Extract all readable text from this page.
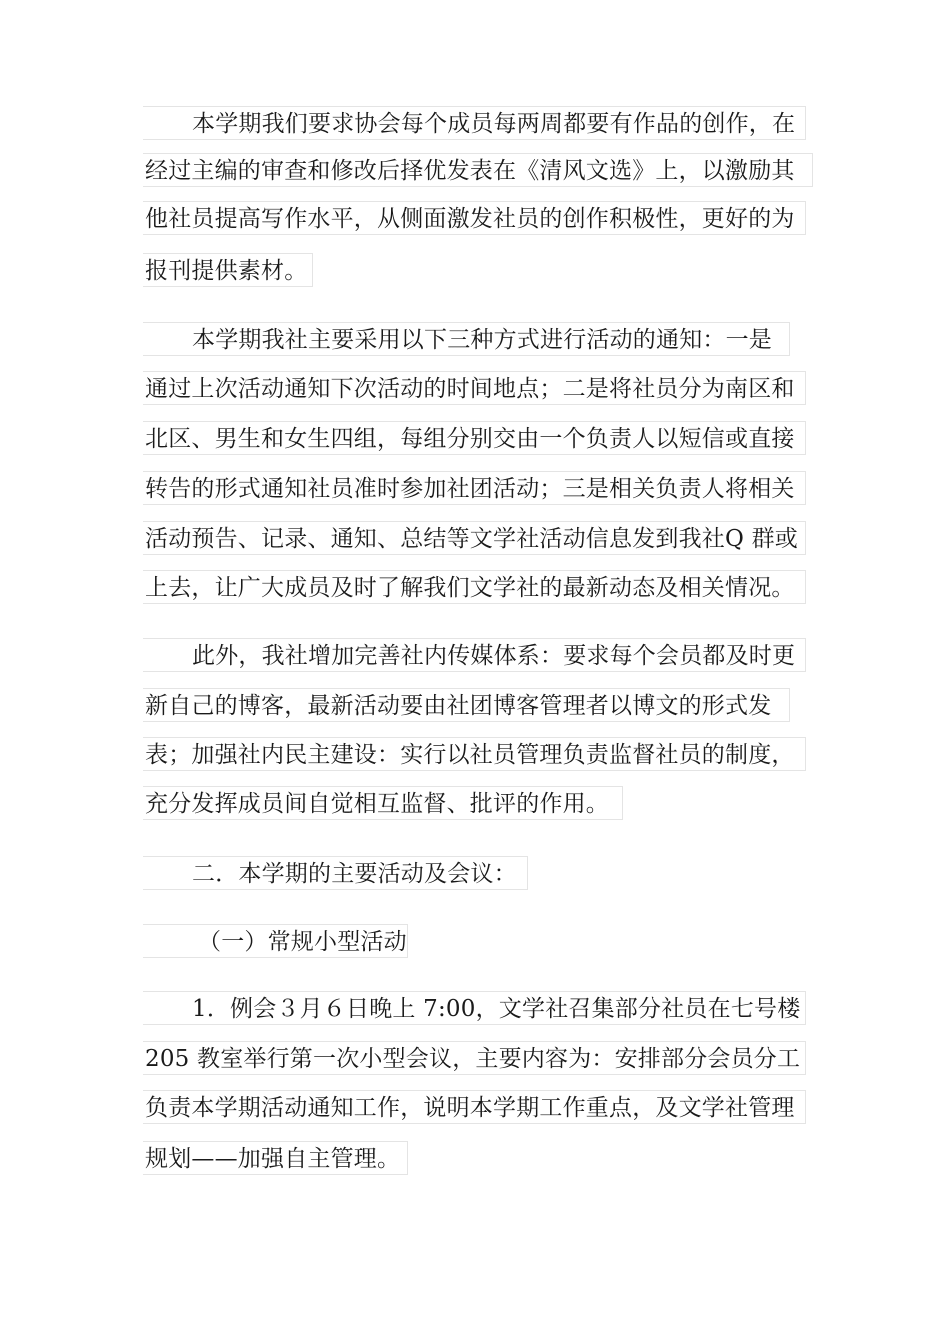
本学期我们要求协会每个成员每两周都要有作品的创作，在
经过主编的审查和修改后择优发表在《清风文选》上，以激励其
他社员提高写作水平，从侧面激发社员的创作积极性，更好的为
报刊提供素材。
本学期我社主要采用以下三种方式进行活动的通知：一是
通过上次活动通知下次活动的时间地点；二是将社员分为南区和
北区、男生和女生四组，每组分别交由一个负责人以短信或直接
转告的形式通知社员准时参加社团活动；三是相关负责人将相关
活动预告、记录、通知、总结等文学社活动信息发到我社Q 群或
上去，让广大成员及时了解我们文学社的最新动态及相关情况。
此外，我社增加完善社内传媒体系：要求每个会员都及时更
新自己的博客，最新活动要由社团博客管理者以博文的形式发
表；加强社内民主建设：实行以社员管理负责监督社员的制度，
充分发挥成员间自觉相互监督、批评的作用。
二．本学期的主要活动及会议：
（一）常规小型活动
1．例会３月６日晚上 7:00，文学社召集部分社员在七号楼
205 教室举行第一次小型会议，主要内容为：安排部分会员分工
负责本学期活动通知工作，说明本学期工作重点，及文学社管理
规划——加强自主管理。
